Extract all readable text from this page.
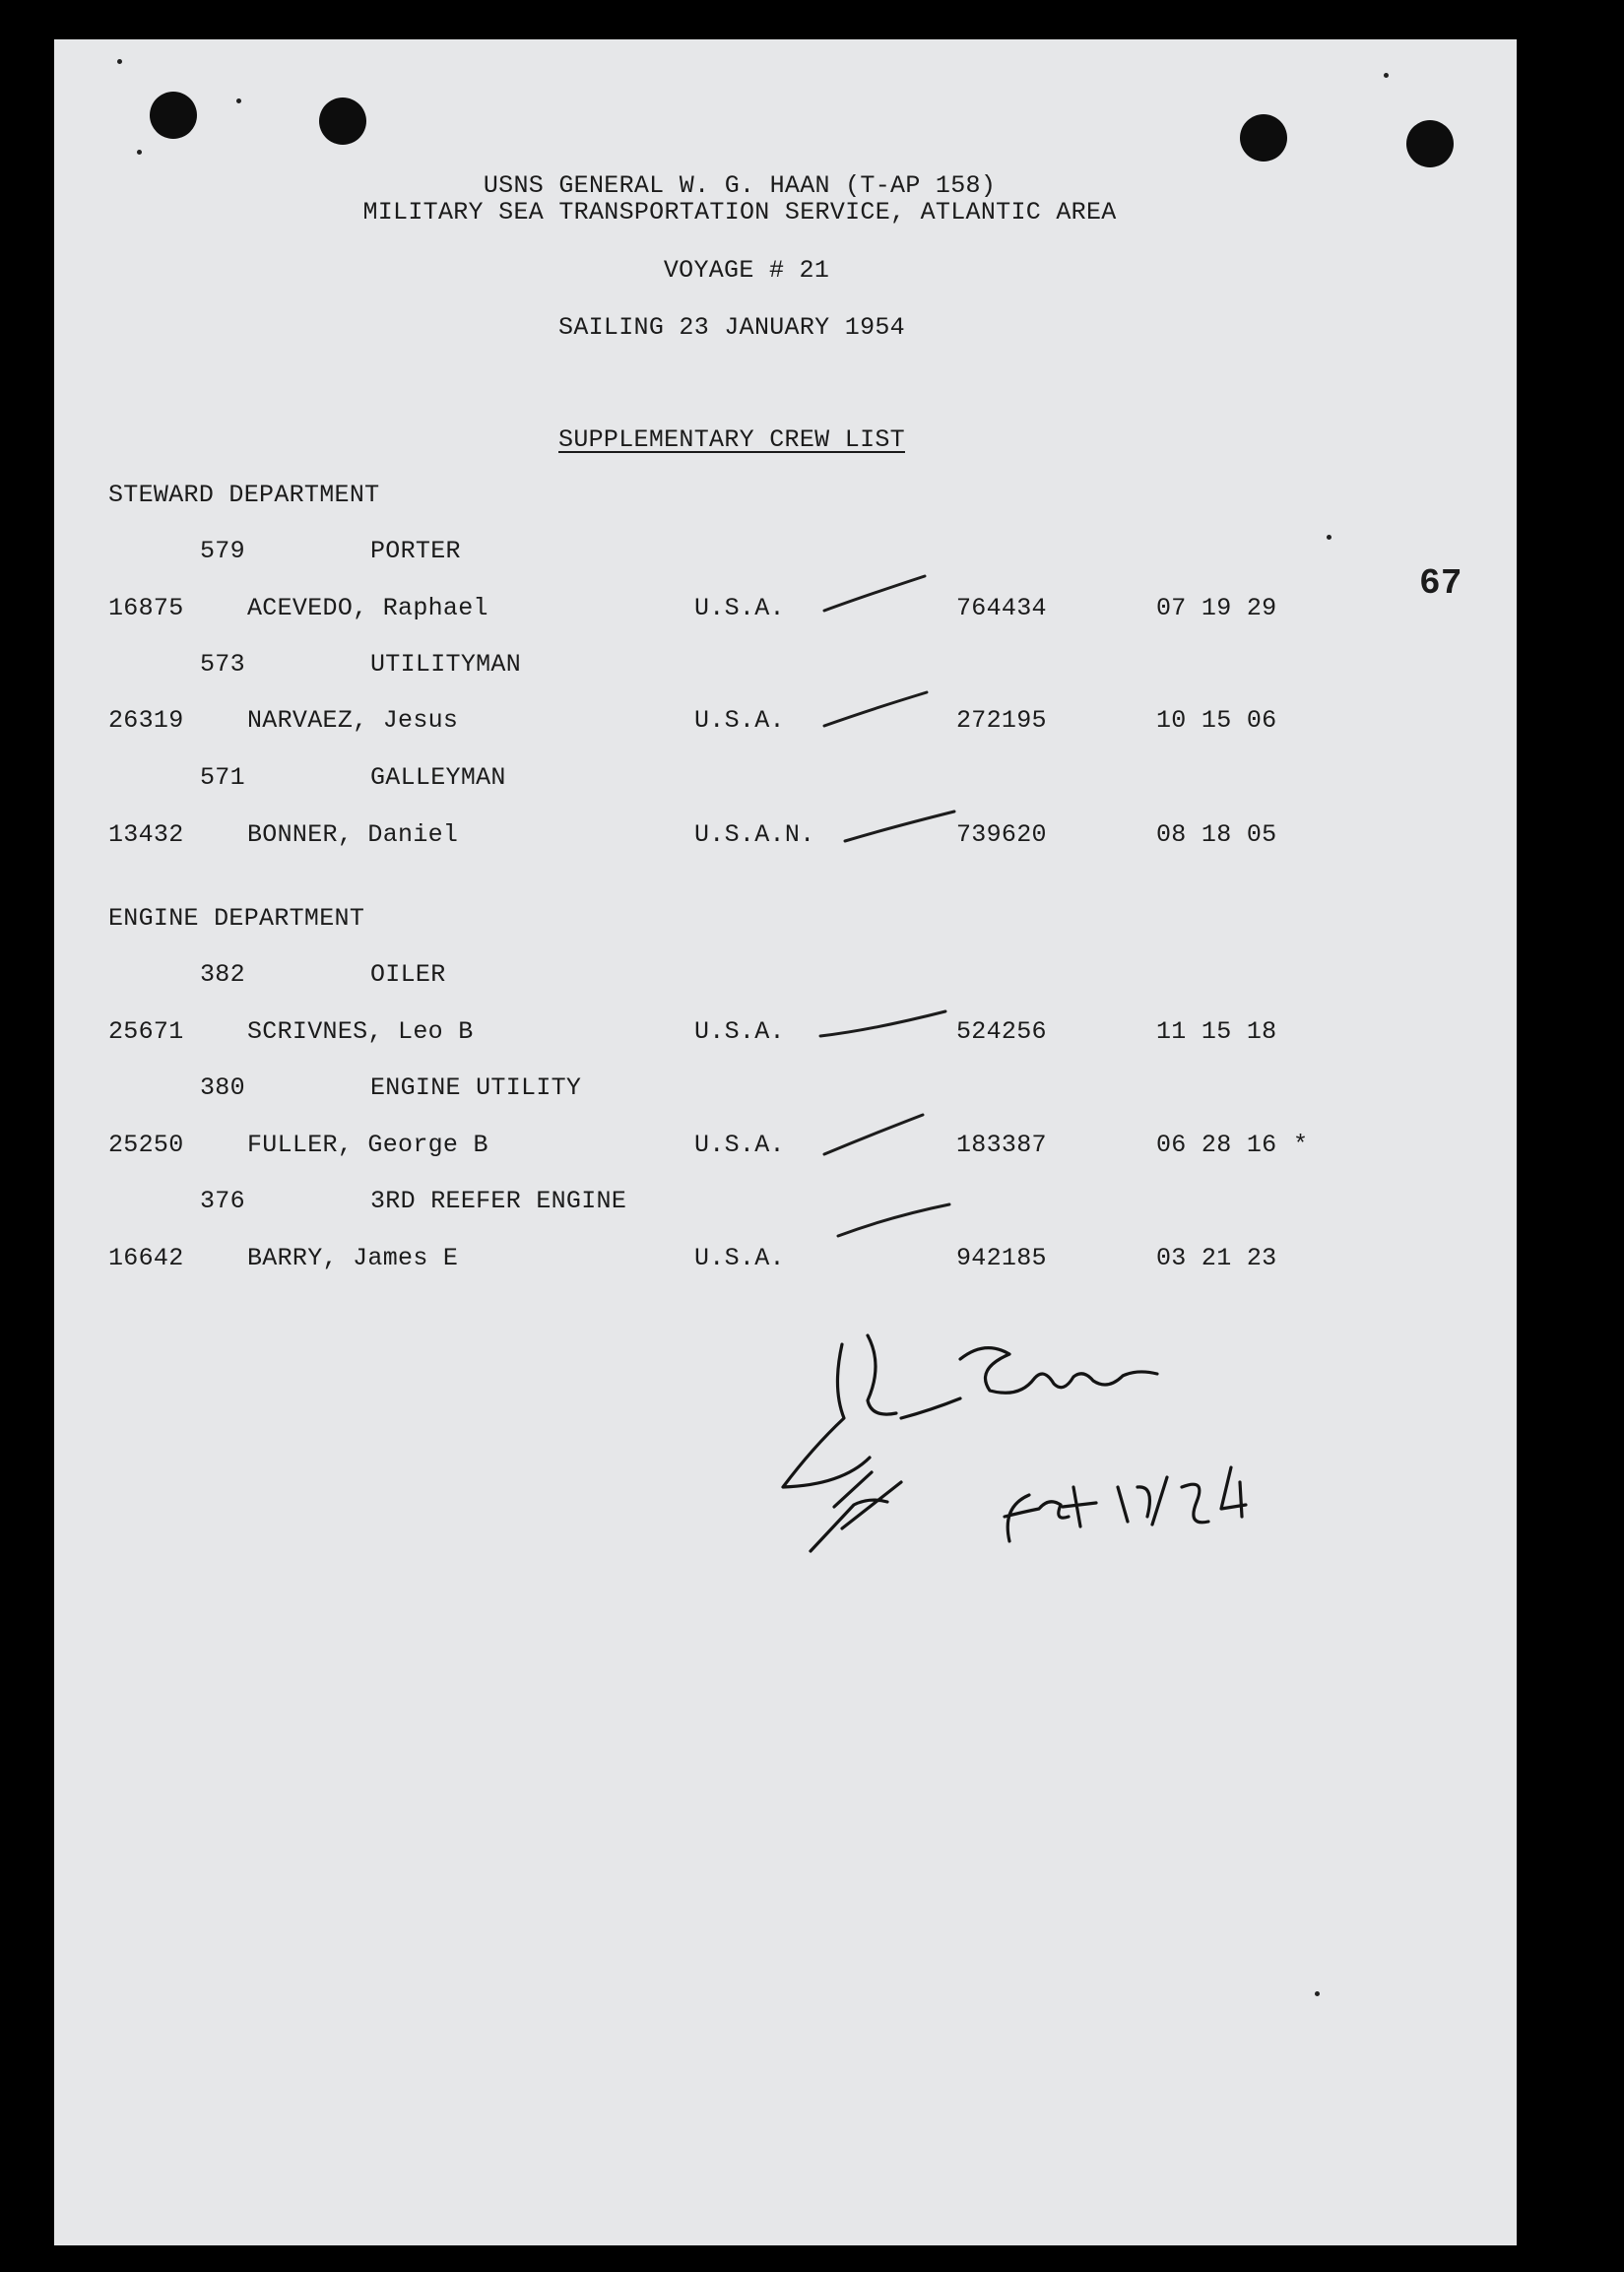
USNS GENERAL W. G. HAAN (T-AP 158)
MILITARY SEA TRANSPORTATION SERVICE, ATLANTIC AREA
VOYAGE # 21
SAILING 23 JANUARY 1954
SUPPLEMENTARY CREW LIST
67
STEWARD DEPARTMENT
579	PORTER
16875	ACEVEDO, Raphael	U.S.A.	764434	07 19 29
573	UTILITYMAN
26319	NARVAEZ, Jesus	U.S.A.	272195	10 15 06
571	GALLEYMAN
13432	BONNER, Daniel	U.S.A.N.	739620	08 18 05
ENGINE DEPARTMENT
382	OILER
25671	SCRIVNES, Leo B	U.S.A.	524256	11 15 18
380	ENGINE UTILITY
25250	FULLER, George B	U.S.A.	183387	06 28 16 *
376	3RD REEFER ENGINE
16642	BARRY, James E	U.S.A.	942185	03 21 23
